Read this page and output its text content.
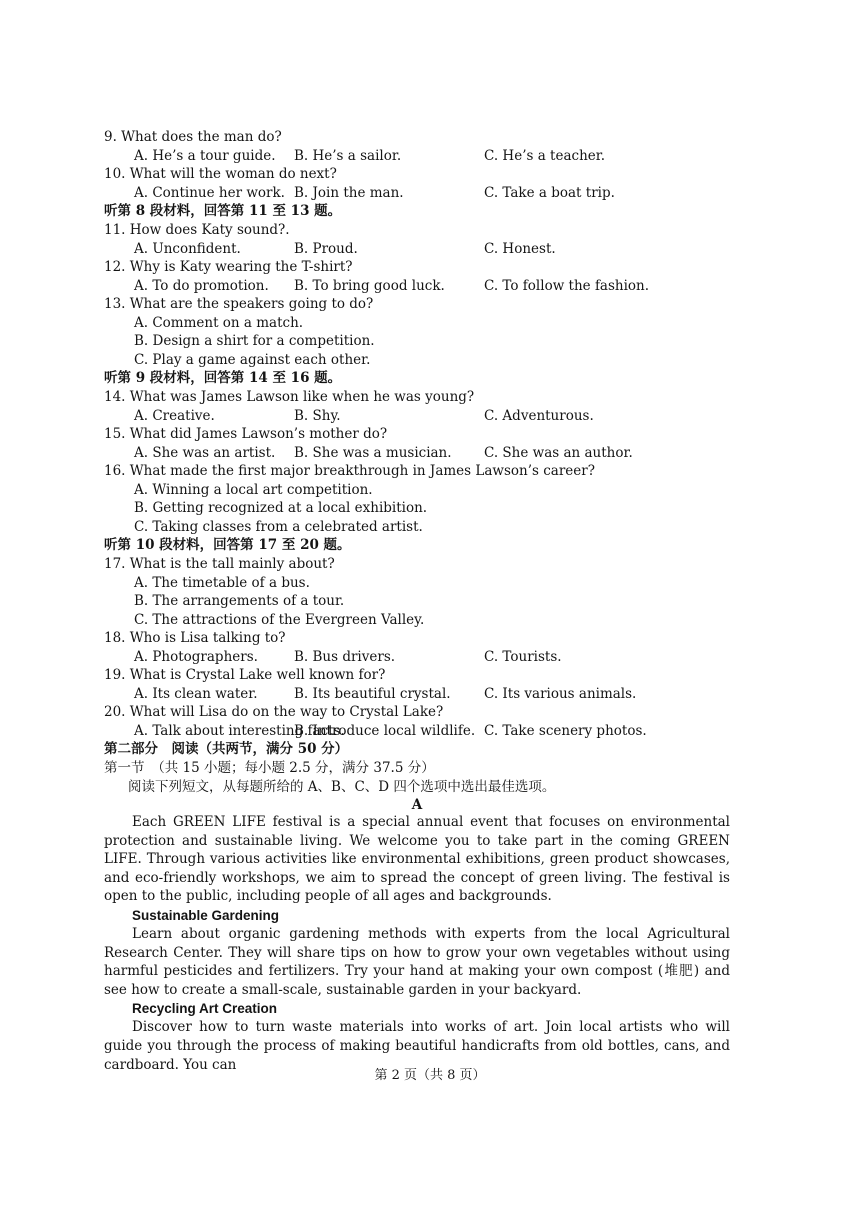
9. What does the man do?
A. He’s a tour guide.	B. He’s a sailor.	C. He’s a teacher.
10. What will the woman do next?
A. Continue her work. B. Join the man.	C. Take a boat trip.
听第 8 段材料，回答第 11 至 13 题。
11. How does Katy sound?.
A. Unconfident.	B. Proud.	C. Honest.
12. Why is Katy wearing the T-shirt?
A. To do promotion.	B. To bring good luck.	C. To follow the fashion.
13. What are the speakers going to do?
A. Comment on a match.
B. Design a shirt for a competition.
C. Play a game against each other.
听第 9 段材料，回答第 14 至 16 题。
14. What was James Lawson like when he was young?
A. Creative.	B. Shy.	C. Adventurous.
15. What did James Lawson’s mother do?
A. She was an artist.	B. She was a musician.	C. She was an author.
16. What made the first major breakthrough in James Lawson’s career?
A. Winning a local art competition.
B. Getting recognized at a local exhibition.
C. Taking classes from a celebrated artist.
听第 10 段材料，回答第 17 至 20 题。
17. What is the tall mainly about?
A. The timetable of a bus.
B. The arrangements of a tour.
C. The attractions of the Evergreen Valley.
18. Who is Lisa talking to?
A. Photographers.	B. Bus drivers.	C. Tourists.
19. What is Crystal Lake well known for?
A. Its clean water.	B. Its beautiful crystal.	C. Its various animals.
20. What will Lisa do on the way to Crystal Lake?
A. Talk about interesting facts.
B. Introduce local wildlife. C. Take scenery photos.
第二部分　阅读（共两节，满分 50 分）
第一节　（共 15 小题；每小题 2.5 分，满分 37.5 分）
阅读下列短文，从每题所给的 A、B、C、D 四个选项中选出最佳选项。
A

Each GREEN LIFE festival is a special annual event that focuses on environmental protection and sustainable living. We welcome you to take part in the coming GREEN LIFE. Through various activities like environmental exhibitions, green product showcases, and eco-friendly workshops, we aim to spread the concept of green living. The festival is open to the public, including people of all ages and backgrounds.

Sustainable Gardening

Learn about organic gardening methods with experts from the local Agricultural Research Center. They will share tips on how to grow your own vegetables without using harmful pesticides and fertilizers. Try your hand at making your own compost (堆肥) and see how to create a small-scale, sustainable garden in your backyard.

Recycling Art Creation

Discover how to turn waste materials into works of art. Join local artists who will guide you through the process of making beautiful handicrafts from old bottles, cans, and cardboard. You can

第 2 页（共 8 页）
